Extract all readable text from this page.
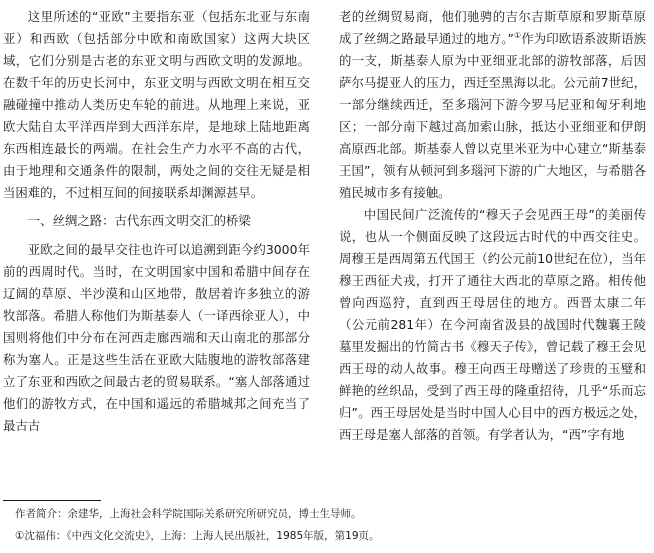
这里所述的“亚欧”主要指东亚（包括东北亚与东南亚）和西欧（包括部分中欧和南欧国家）这两大块区域，它们分别是古老的东亚文明与西欧文明的发源地。在数千年的历史长河中，东亚文明与西欧文明在相互交融碰撞中推动人类历史车轮的前进。从地理上来说，亚欧大陆自太平洋西岸到大西洋东岸，是地球上陆地距离东西相连最长的两端。在社会生产力水平不高的古代，由于地理和交通条件的限制，两处之间的交往无疑是相当困难的，不过相互间的间接联系却渊源甚早。

一、丝绸之路：古代东西文明交汇的桥梁

亚欧之间的最早交往也许可以追溯到距今约3000年前的西周时代。当时，在文明国家中国和希腊中间存在辽阔的草原、半沙漠和山区地带，散居着许多独立的游牧部落。希腊人称他们为斯基泰人（一译西徐亚人），中国则将他们中分布在河西走廊西端和天山南北的那部分称为塞人。正是这些生活在亚欧大陆腹地的游牧部落建立了东亚和西欧之间最古老的贸易联系。“塞人部落通过他们的游牧方式，在中国和遥远的希腊城邦之间充当了最古古

老的丝绸贸易商，他们驰骋的吉尔吉斯草原和罗斯草原成了丝绸之路最早通过的地方。”①作为印欧语系波斯语族的一支，斯基泰人原为中亚细亚北部的游牧部落，后因萨尔马提亚人的压力，西迁至黑海以北。公元前7世纪，一部分继续西迁，至多瑙河下游今罗马尼亚和匈牙利地区；一部分南下越过高加索山脉，抵达小亚细亚和伊朗高原西北部。斯基泰人曾以克里米亚为中心建立“斯基泰王国”，领有从顿河到多瑙河下游的广大地区，与希腊各殖民城市多有接触。

中国民间广泛流传的“穆天子会见西王母”的美丽传说，也从一个侧面反映了这段远古时代的中西交往史。周穆王是西周第五代国王（约公元前10世纪在位），当年穆王西征犬戎，打开了通往大西北的草原之路。相传他曾向西巡狩，直到西王母居住的地方。西晋太康二年（公元前281年）在今河南省汲县的战国时代魏襄王陵墓里发掘出的竹简古书《穆天子传》，曾记载了穆王会见西王母的动人故事。穆王向西王母赠送了珍贵的玉璧和鲜艳的丝织品，受到了西王母的隆重招待，几乎“乐而忘归”。西王母居处是当时中国人心目中的西方极远之处，西王母是塞人部落的首领。有学者认为，“西”字有地

作者简介：余建华，上海社会科学院国际关系研究所研究员，博士生导师。
①沈福伟：《中西文化交流史》，上海：上海人民出版社，1985年版，第19页。
